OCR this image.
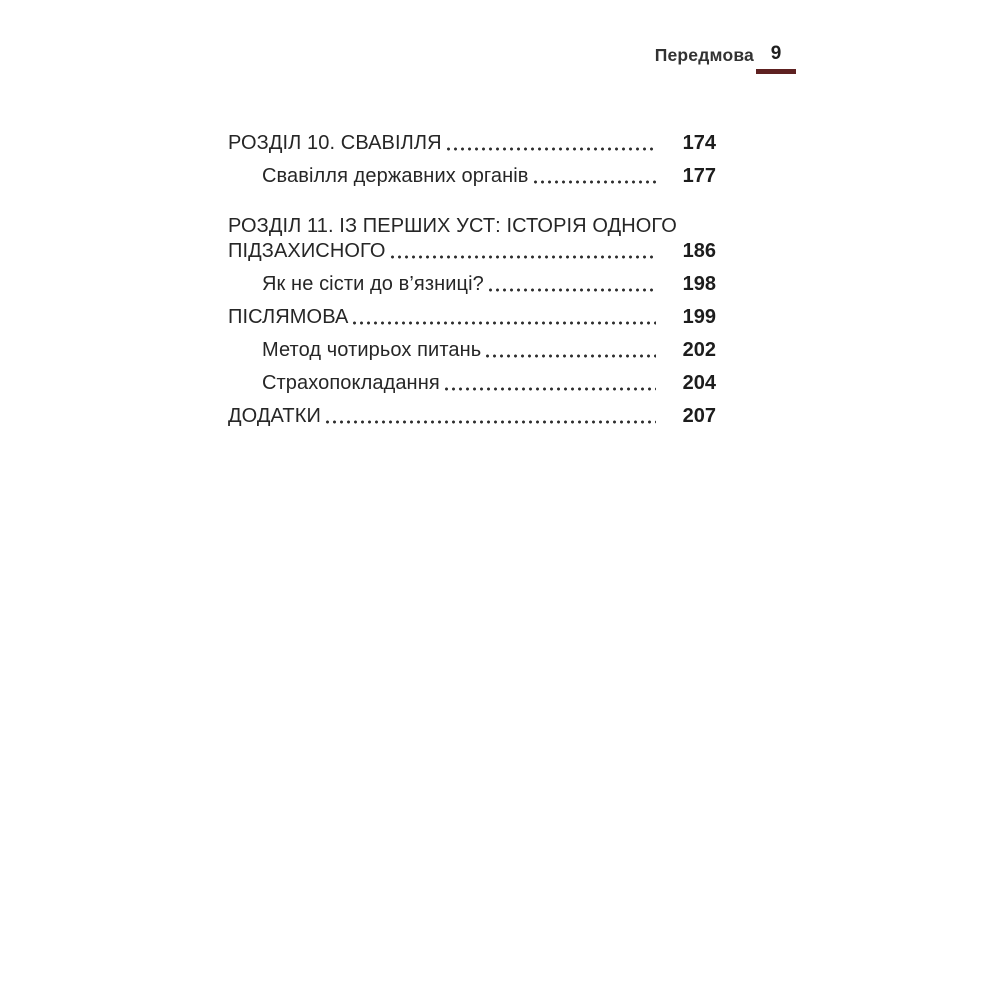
Передмова 9
РОЗДІЛ 10. СВАВІЛЛЯ	174
Свавілля державних органів	177
РОЗДІЛ 11. ІЗ ПЕРШИХ УСТ: ІСТОРІЯ ОДНОГО
ПІДЗАХИСНОГО	186
Як не сісти до в’язниці?	198
ПІСЛЯМОВА	199
Метод чотирьох питань	202
Страхопокладання	204
ДОДАТКИ	207
